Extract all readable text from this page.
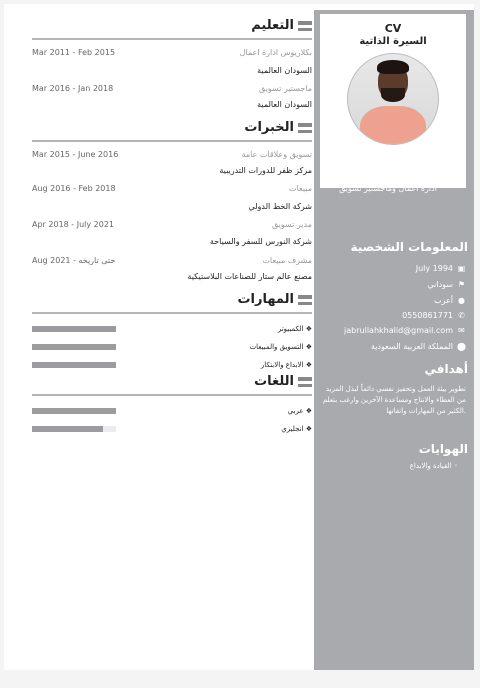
CV
السيرة الذاتية
خالد جبر الله احمد
اداره اعمال وماجستير تسويق
المعلومات الشخصية
July 1994 ▣
سوداني ⚑
أعزب ●
0550861771 ✆
jabrullahkhalid@gmail.com ✉
المملكة العربية السعودية ⬤
أهدافي
تطوير بيئة العمل وتحفيز نفسي دائماً لبذل المزيد من العطاء والانتاج ومساعدة الآخرين وارغب بتعلم الكثير من المهارات واتقانها.
الهوايات
القيادة والابداع ◦
التعليم
Mar 2011 - Feb 2015	بكلاريوس ادارة اعمال
السودان العالمية
Mar 2016 - Jan 2018	ماجستير تسويق
السودان العالمية
الخبرات
Mar 2015 - June 2016	تسويق وعلاقات عامة
مركز ظفر للدورات التدريبية
Aug 2016 - Feb 2018	مبيعات
شركة الخط الدولي
Apr 2018 - July 2021	مدير تسويق
شركة النورس للسفر والسياحة
Aug 2021 - حتى تاريخه	مشرف مبيعات
مصنع عالم ستار للصناعات البلاستيكية
المهارات
الكمبيوتر ❖
التسويق والمبيعات ❖
الابداع والابتكار ❖
اللغات
عربي ❖
انجليزي ❖
